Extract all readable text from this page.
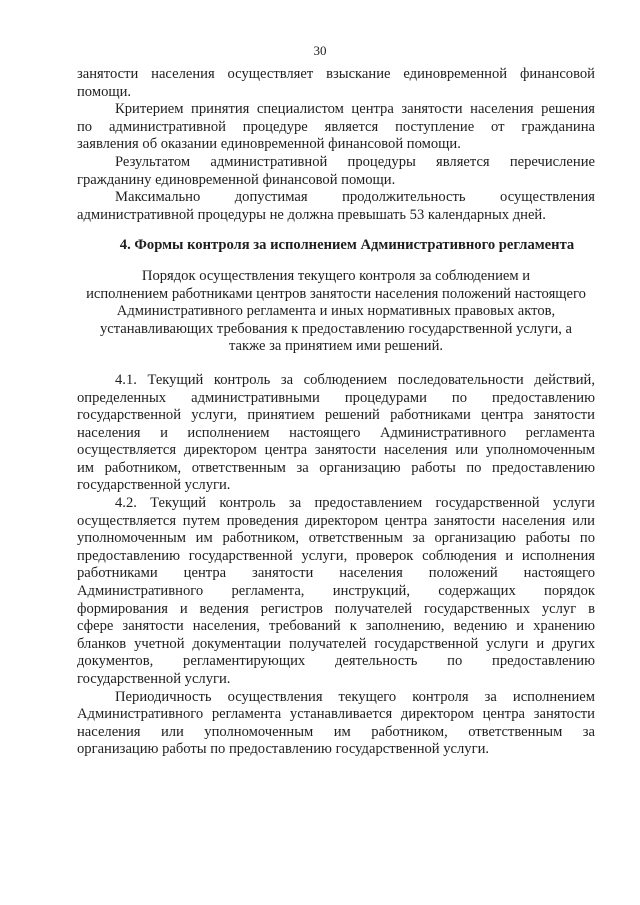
30
занятости населения осуществляет взыскание единовременной финансовой
помощи.
Критерием принятия специалистом центра занятости населения решения
по административной процедуре является поступление от гражданина
заявления об оказании единовременной финансовой помощи.
Результатом административной процедуры является перечисление
гражданину единовременной финансовой помощи.
Максимально допустимая продолжительность осуществления
административной процедуры не должна превышать 53 календарных дней.
4. Формы контроля за исполнением Административного регламента
Порядок осуществления текущего контроля за соблюдением и
исполнением работниками центров занятости населения положений настоящего
Административного регламента и иных нормативных правовых актов,
устанавливающих требования к предоставлению государственной услуги, а
также за принятием ими решений.
4.1. Текущий контроль за соблюдением последовательности действий,
определенных административными процедурами по предоставлению
государственной услуги, принятием решений работниками центра занятости
населения и исполнением настоящего Административного регламента
осуществляется директором центра занятости населения или уполномоченным
им работником, ответственным за организацию работы по предоставлению
государственной услуги.
4.2. Текущий контроль за предоставлением государственной услуги
осуществляется путем проведения директором центра занятости населения или
уполномоченным им работником, ответственным за организацию работы по
предоставлению государственной услуги, проверок соблюдения и исполнения
работниками центра занятости населения положений настоящего
Административного регламента, инструкций, содержащих порядок
формирования и ведения регистров получателей государственных услуг в
сфере занятости населения, требований к заполнению, ведению и хранению
бланков учетной документации получателей государственной услуги и других
документов, регламентирующих деятельность по предоставлению
государственной услуги.
Периодичность осуществления текущего контроля за исполнением
Административного регламента устанавливается директором центра занятости
населения или уполномоченным им работником, ответственным за
организацию работы по предоставлению государственной услуги.
